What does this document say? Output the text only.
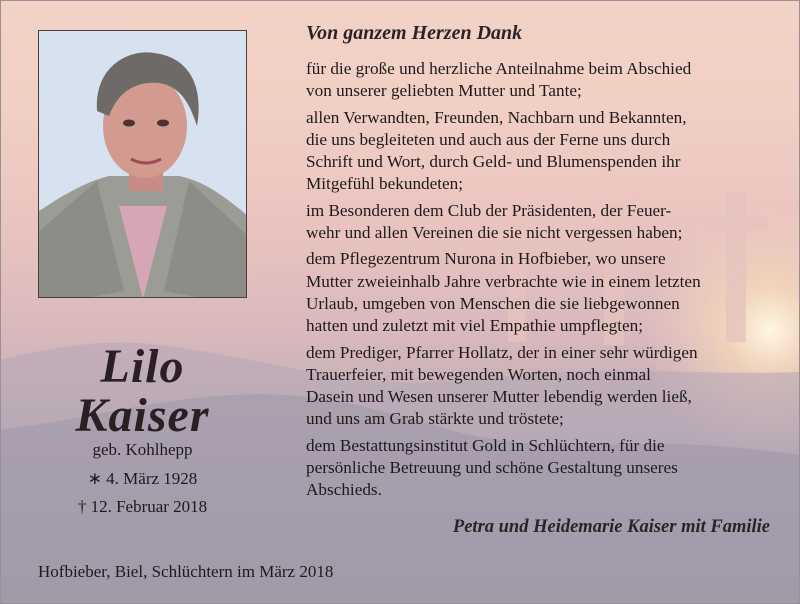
Lilo
Kaiser
geb. Kohlhepp
∗ 4. März 1928
† 12. Februar 2018
Hofbieber, Biel, Schlüchtern im März 2018
Von ganzem Herzen Dank

für die große und herzliche Anteilnahme beim Abschied
von unserer geliebten Mutter und Tante;

allen Verwandten, Freunden, Nachbarn und Bekannten,
die uns begleiteten und auch aus der Ferne uns durch
Schrift und Wort, durch Geld- und Blumenspenden ihr
Mitgefühl bekundeten;

im Besonderen dem Club der Präsidenten, der Feuer-
wehr und allen Vereinen die sie nicht vergessen haben;

dem Pflegezentrum Nurona in Hofbieber, wo unsere
Mutter zweieinhalb Jahre verbrachte wie in einem letzten
Urlaub, umgeben von Menschen die sie liebgewonnen
hatten und zuletzt mit viel Empathie umpflegten;

dem Prediger, Pfarrer Hollatz, der in einer sehr würdigen
Trauerfeier, mit bewegenden Worten, noch einmal
Dasein und Wesen unserer Mutter lebendig werden ließ,
und uns am Grab stärkte und tröstete;

dem Bestattungsinstitut Gold in Schlüchtern, für die
persönliche Betreuung und schöne Gestaltung unseres
Abschieds.

Petra und Heidemarie Kaiser mit Familie
